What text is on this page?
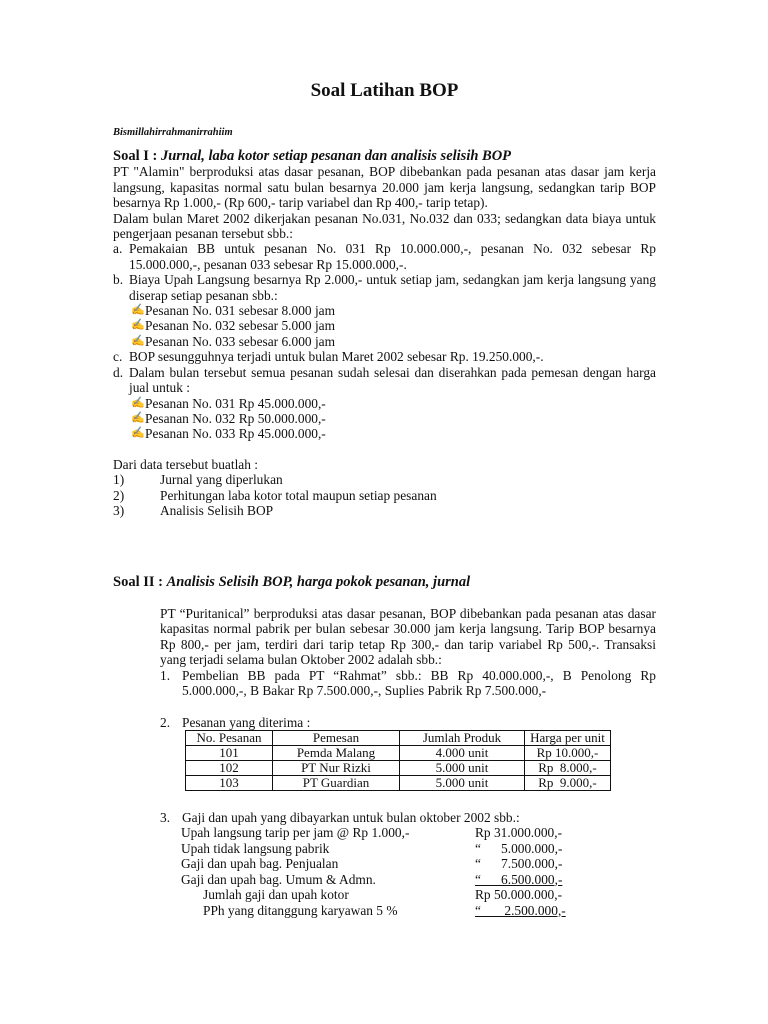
Soal Latihan BOP
Bismillahirrahmanirrahiim
Soal I : Jurnal, laba kotor setiap pesanan dan analisis selisih BOP
PT "Alamin" berproduksi atas dasar pesanan, BOP dibebankan pada pesanan atas dasar jam kerja langsung, kapasitas normal satu bulan besarnya 20.000 jam kerja langsung, sedangkan tarip BOP besarnya Rp 1.000,- (Rp 600,- tarip variabel dan Rp 400,- tarip tetap).
Dalam bulan Maret 2002 dikerjakan pesanan No.031, No.032 dan 033; sedangkan data biaya untuk pengerjaan pesanan tersebut sbb.:
a. Pemakaian BB untuk pesanan No. 031 Rp 10.000.000,-, pesanan No. 032 sebesar Rp 15.000.000,-, pesanan 033 sebesar Rp 15.000.000,-.
b. Biaya Upah Langsung besarnya Rp 2.000,- untuk setiap jam, sedangkan jam kerja langsung yang diserap setiap pesanan sbb.:
✍ Pesanan No. 031 sebesar 8.000 jam
✍ Pesanan No. 032 sebesar 5.000 jam
✍ Pesanan No. 033 sebesar 6.000 jam
c. BOP sesungguhnya terjadi untuk bulan Maret 2002 sebesar Rp. 19.250.000,-.
d. Dalam bulan tersebut semua pesanan sudah selesai dan diserahkan pada pemesan dengan harga jual untuk :
✍ Pesanan No. 031 Rp 45.000.000,-
✍ Pesanan No. 032 Rp 50.000.000,-
✍ Pesanan No. 033 Rp 45.000.000,-
Dari data tersebut buatlah :
1)	Jurnal yang diperlukan
2)	Perhitungan laba kotor total maupun setiap pesanan
3)	Analisis Selisih BOP
Soal II : Analisis Selisih BOP, harga pokok pesanan, jurnal
PT “Puritanical” berproduksi atas dasar pesanan, BOP dibebankan pada pesanan atas dasar kapasitas normal pabrik per bulan sebesar 30.000 jam kerja langsung. Tarip BOP besarnya Rp 800,- per jam, terdiri dari tarip tetap Rp 300,- dan tarip variabel Rp 500,-. Transaksi yang terjadi selama bulan Oktober 2002 adalah sbb.:
1. Pembelian BB pada PT “Rahmat” sbb.: BB Rp 40.000.000,-, B Penolong Rp 5.000.000,-, B Bakar Rp 7.500.000,-, Suplies Pabrik Rp 7.500.000,-
2. Pesanan yang diterima :
No. Pesanan	Pemesan	Jumlah Produk	Harga per unit
101	Pemda Malang	4.000 unit	Rp 10.000,-
102	PT Nur Rizki	5.000 unit	Rp  8.000,-
103	PT Guardian	5.000 unit	Rp  9.000,-
3. Gaji dan upah yang dibayarkan untuk bulan oktober 2002 sbb.:
Upah langsung tarip per jam @ Rp 1.000,-	Rp 31.000.000,-
Upah tidak langsung pabrik	“      5.000.000,-
Gaji dan upah bag. Penjualan	“      7.500.000,-
Gaji dan upah bag. Umum & Admn.	“      6.500.000,-
Jumlah gaji dan upah kotor	Rp 50.000.000,-
PPh yang ditanggung karyawan 5 %	“       2.500.000,-
